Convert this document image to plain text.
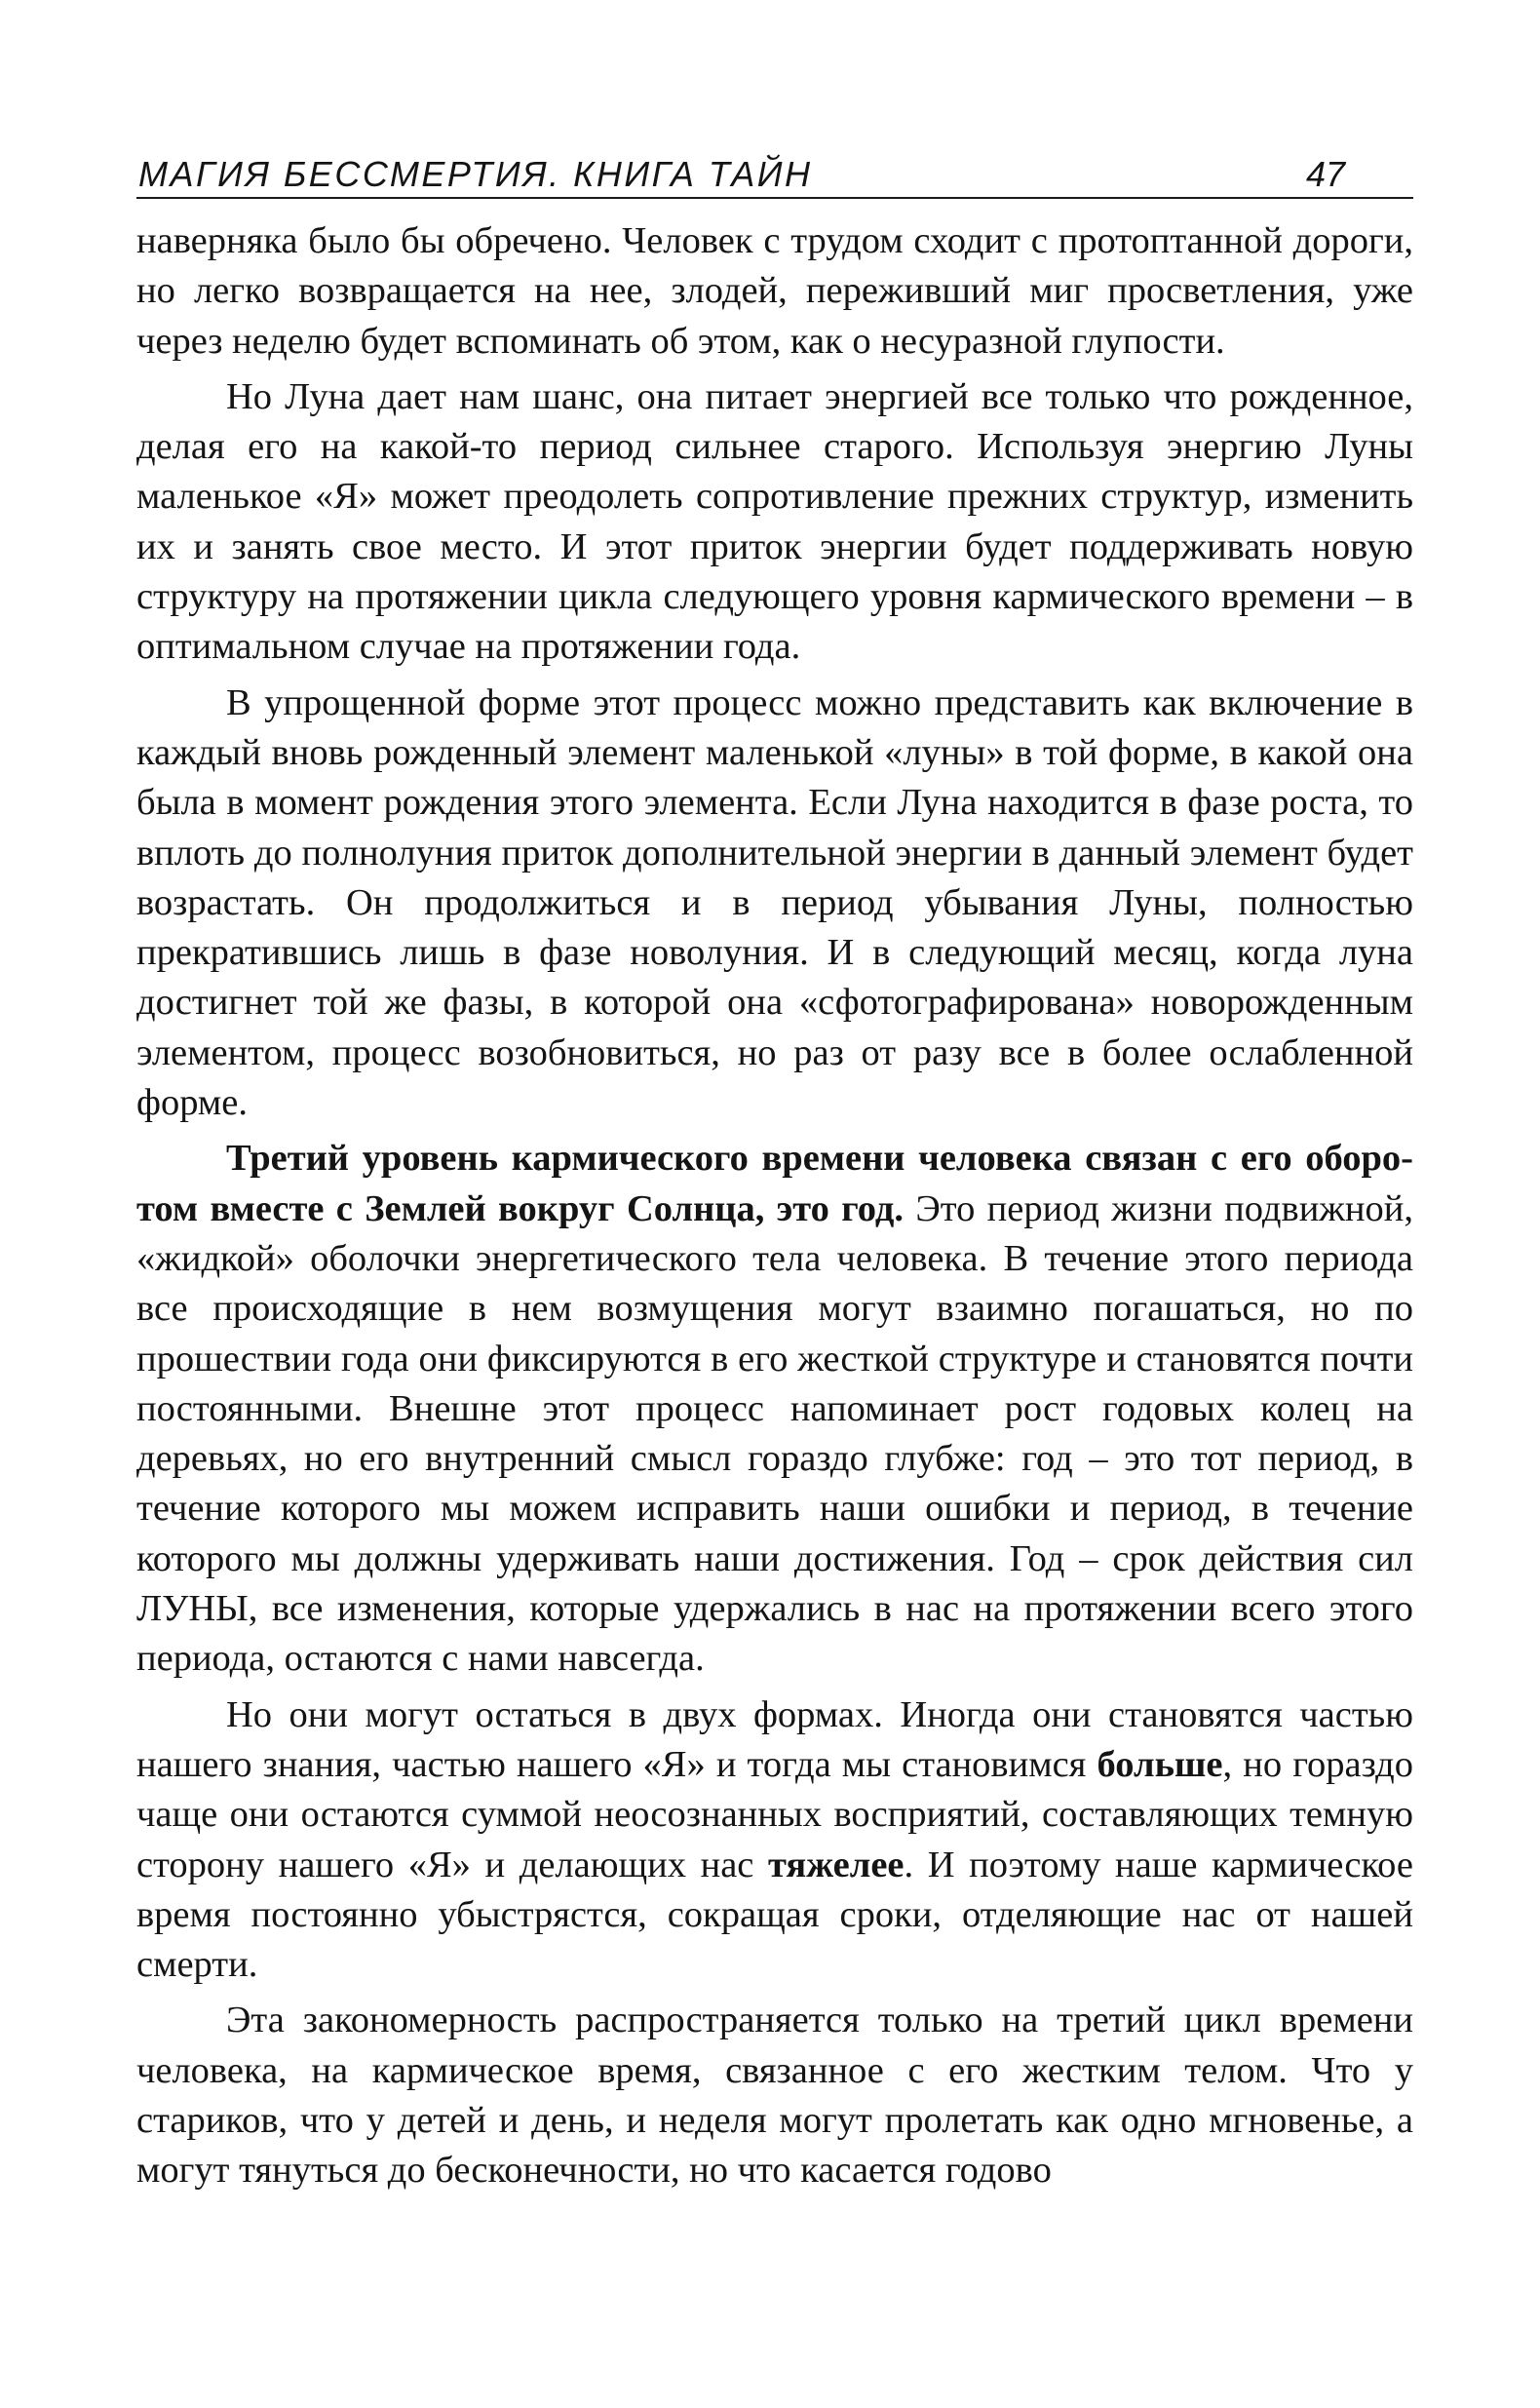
МАГИЯ БЕССМЕРТИЯ. КНИГА ТАЙН	47

наверняка было бы обречено. Человек с трудом сходит с протоптанной дороги, но легко возвращается на нее, злодей, переживший миг просветления, уже через неделю будет вспоминать об этом, как о несуразной глупости.

Но Луна дает нам шанс, она питает энергией все только что рожденное, делая его на какой-то период сильнее старого. Используя энергию Луны маленькое «Я» может преодолеть сопротивление прежних структур, изменить их и занять свое место. И этот приток энергии будет поддерживать новую структуру на протяжении цикла следующего уровня кармического времени – в оптимальном случае на протяжении года.

В упрощенной форме этот процесс можно представить как включение в каждый вновь рожденный элемент маленькой «луны» в той форме, в какой она была в момент рождения этого элемента. Если Луна находится в фазе роста, то вплоть до полнолуния приток дополнительной энергии в данный элемент будет возрастать. Он продолжиться и в период убывания Луны, полностью прекратившись лишь в фазе новолуния. И в следующий месяц, когда луна достигнет той же фазы, в которой она «сфотографирована» новорожденным элементом, процесс возобновиться, но раз от разу все в более ослабленной форме.

Третий уровень кармического времени человека связан с его оборотом вместе с Землей вокруг Солнца, это год. Это период жизни подвижной, «жидкой» оболочки энергетического тела человека. В течение этого периода все происходящие в нем возмущения могут взаимно погашаться, но по прошествии года они фиксируются в его жесткой структуре и становятся почти постоянными. Внешне этот процесс напоминает рост годовых колец на деревьях, но его внутренний смысл гораздо глубже: год – это тот период, в течение которого мы можем исправить наши ошибки и период, в течение которого мы должны удерживать наши достижения. Год – срок действия сил ЛУНЫ, все изменения, которые удержались в нас на протяжении всего этого периода, остаются с нами навсегда.

Но они могут остаться в двух формах. Иногда они становятся частью нашего знания, частью нашего «Я» и тогда мы становимся больше, но гораздо чаще они остаются суммой неосознанных восприятий, составляющих темную сторону нашего «Я» и делающих нас тяжелее. И поэтому наше кармическое время постоянно убыстрястся, сокращая сроки, отделяющие нас от нашей смерти.

Эта закономерность распространяется только на третий цикл времени человека, на кармическое время, связанное с его жестким телом. Что у стариков, что у детей и день, и неделя могут пролетать как одно мгновенье, а могут тянуться до бесконечности, но что касается годово
